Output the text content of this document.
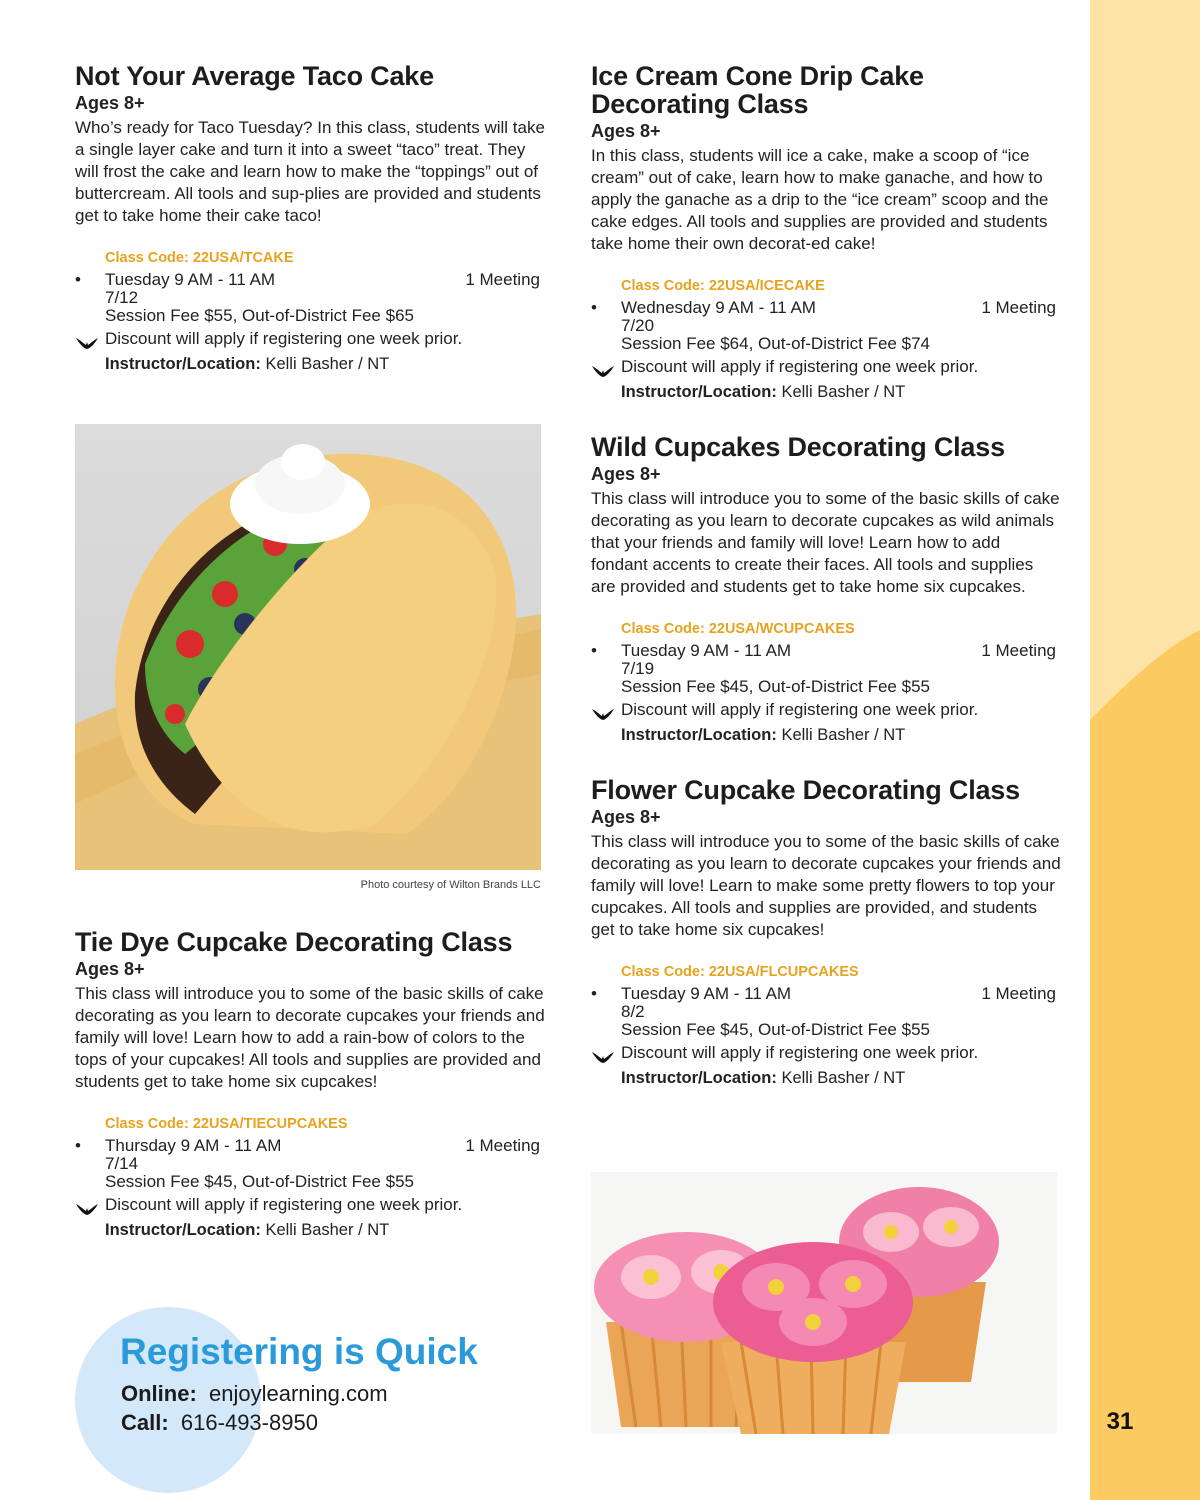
31
Not Your Average Taco Cake
Ages 8+

Who’s ready for Taco Tuesday? In this class, students will take a single layer cake and turn it into a sweet “taco” treat. They will frost the cake and learn how to make the “toppings” out of buttercream. All tools and sup-plies are provided and students get to take home their cake taco!

Class Code: 22USA/TCAKE
• Tuesday 9 AM - 11 AM	1 Meeting
7/12
Session Fee $55, Out-of-District Fee $65
Discount will apply if registering one week prior.
Instructor/Location: Kelli Basher / NT
Photo courtesy of Wilton Brands LLC
Tie Dye Cupcake Decorating Class
Ages 8+

This class will introduce you to some of the basic skills of cake decorating as you learn to decorate cupcakes your friends and family will love! Learn how to add a rain-bow of colors to the tops of your cupcakes! All tools and supplies are provided and students get to take home six cupcakes!

Class Code: 22USA/TIECUPCAKES
• Thursday 9 AM - 11 AM	1 Meeting
7/14
Session Fee $45, Out-of-District Fee $55
Discount will apply if registering one week prior.
Instructor/Location: Kelli Basher / NT
Registering is Quick
Online: enjoylearning.com
Call: 616-493-8950
Ice Cream Cone Drip Cake
Decorating Class
Ages 8+

In this class, students will ice a cake, make a scoop of “ice cream” out of cake, learn how to make ganache, and how to apply the ganache as a drip to the “ice cream” scoop and the cake edges. All tools and supplies are provided and students take home their own decorat-ed cake!

Class Code: 22USA/ICECAKE
• Wednesday 9 AM - 11 AM	1 Meeting
7/20
Session Fee $64, Out-of-District Fee $74
Discount will apply if registering one week prior.
Instructor/Location: Kelli Basher / NT
Wild Cupcakes Decorating Class
Ages 8+

This class will introduce you to some of the basic skills of cake decorating as you learn to decorate cupcakes as wild animals that your friends and family will love! Learn how to add fondant accents to create their faces. All tools and supplies are provided and students get to take home six cupcakes.

Class Code: 22USA/WCUPCAKES
• Tuesday 9 AM - 11 AM	1 Meeting
7/19
Session Fee $45, Out-of-District Fee $55
Discount will apply if registering one week prior.
Instructor/Location: Kelli Basher / NT
Flower Cupcake Decorating Class
Ages 8+

This class will introduce you to some of the basic skills of cake decorating as you learn to decorate cupcakes your friends and family will love! Learn to make some pretty flowers to top your cupcakes. All tools and supplies are provided, and students get to take home six cupcakes!

Class Code: 22USA/FLCUPCAKES
• Tuesday 9 AM - 11 AM	1 Meeting
8/2
Session Fee $45, Out-of-District Fee $55
Discount will apply if registering one week prior.
Instructor/Location: Kelli Basher / NT
